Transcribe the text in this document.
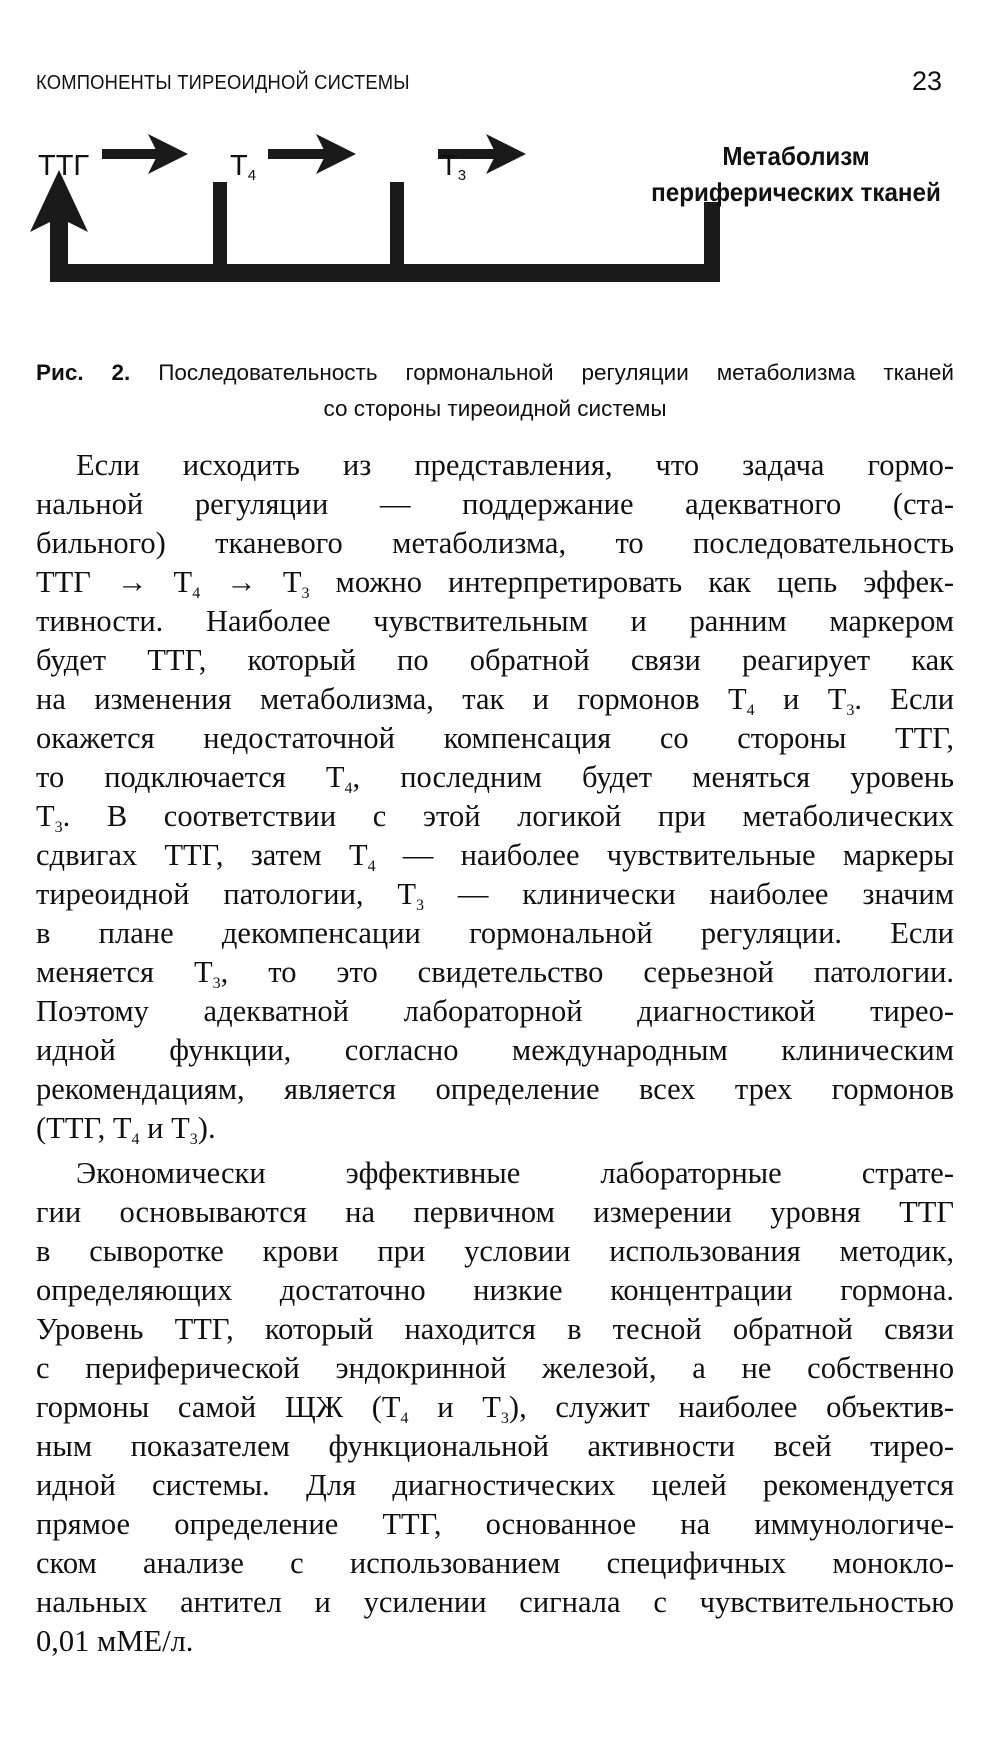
КОМПОНЕНТЫ ТИРЕОИДНОЙ СИСТЕМЫ	23
ТТГ	$T_4$	$T_3$
Метаболизм
периферических тканей
Рис. 2. Последовательность гормональной регуляции метаболизма тканей
со стороны тиреоидной системы
Если исходить из представления, что задача гормо-
нальной регуляции — поддержание адекватного (ста-
бильного) тканевого метаболизма, то последовательность
ТТГ → $Т_4 \to Т_3$ можно интерпретировать как цепь эффек-
тивности. Наиболее чувствительным и ранним маркером
будет ТТГ, который по обратной связи реагирует как
на изменения метаболизма, так и гормонов $Т_4$ и $Т_3$. Если
окажется недостаточной компенсация со стороны ТТГ,
то подключается $Т_4$, последним будет меняться уровень
$Т_3$. В соответствии с этой логикой при метаболических
сдвигах ТТГ, затем $Т_4$ — наиболее чувствительные маркеры
тиреоидной патологии, $Т_3$ — клинически наиболее значим
в плане декомпенсации гормональной регуляции. Если
меняется $Т_3$, то это свидетельство серьезной патологии.
Поэтому адекватной лабораторной диагностикой тирео-
идной функции, согласно международным клиническим
рекомендациям, является определение всех трех гормонов
(ТТГ, $Т_4$ и $Т_3$).
Экономически	эффективные	лабораторные	страте-
гии основываются на первичном измерении уровня ТТГ
в сыворотке крови при условии использования методик,
определяющих достаточно низкие концентрации гормона.
Уровень ТТГ, который находится в тесной обратной связи
с периферической эндокринной железой, а не собственно
гормоны самой ЩЖ ($Т_4$ и $Т_3$), служит наиболее объектив-
ным показателем функциональной активности всей тирео-
идной системы. Для диагностических целей рекомендуется
прямое определение ТТГ, основанное на иммунологиче-
ском анализе с использованием специфичных моноклo-
нальных антител и усилении сигнала с чувствительностью
0,01 мМЕ/л.
